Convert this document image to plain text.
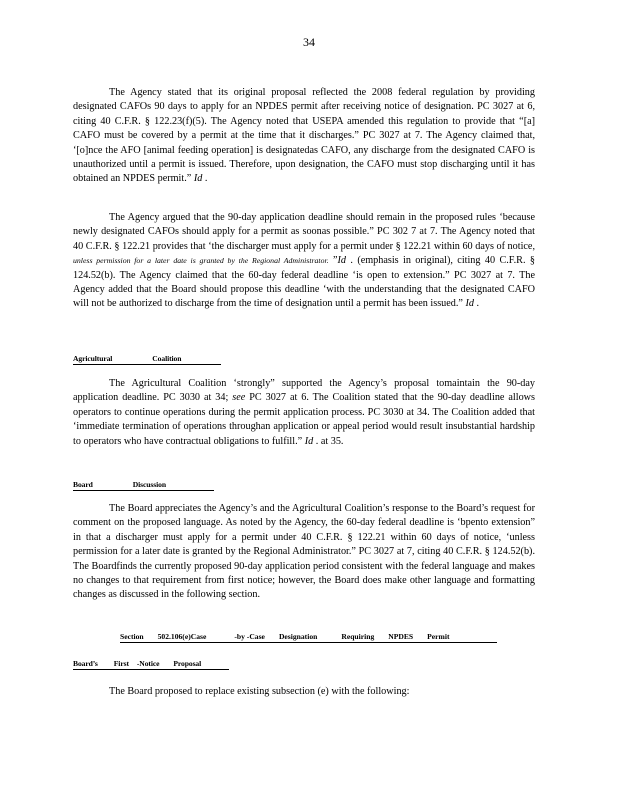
34

The Agency stated that its original proposal reflected the 2008 federal regulation by providing designated CAFOs 90 days to apply for an NPDES permit after receiving notice of designation. PC 3027 at 6, citing 40 C.F.R. § 122.23(f)(5). The Agency noted that USEPA amended this regulation to provide that “[a] CAFO must be covered by a permit at the time that it discharges.” PC 3027 at 7. The Agency claimed that, ‘[o]nce the AFO [animal feeding operation] is designatedas CAFO, any discharge from the designated CAFO is unauthorized until a permit is issued. Therefore, upon designation, the CAFO must stop discharging until it has obtained an NPDES permit.” Id .

The Agency argued that the 90-day application deadline should remain in the proposed rules ‘because newly designated CAFOs should apply for a permit as soonas possible.” PC 302 7 at 7. The Agency noted that 40 C.F.R. § 122.21 provides that ‘the discharger must apply for a permit under § 122.21 within 60 days of notice, unless permission for a later date is granted by the Regional Administrator. ”Id . (emphasis in original), citing 40 C.F.R. § 124.52(b). The Agency claimed that the 60-day federal deadline ‘is open to extension.” PC 3027 at 7. The Agency added that the Board should propose this deadline ‘with the understanding that the designated CAFO will not be authorized to discharge from the time of designation until a permit has been issued.” Id .

Agricultural	Coalition

The Agricultural Coalition ‘strongly” supported the Agency’s proposal tomaintain the 90-day application deadline. PC 3030 at 34; see PC 3027 at 6. The Coalition stated that the 90-day deadline allows operators to continue operations during the permit application process. PC 3030 at 34. The Coalition added that ‘immediate termination of operations throughan application or appeal period would result insubstantial hardship to operators who have contractual obligations to fulfill.” Id . at 35.

Board	Discussion

The Board appreciates the Agency’s and the Agricultural Coalition’s response to the Board’s request for comment on the proposed language. As noted by the Agency, the 60-day federal deadline is ‘bpento extension” in that a discharger must apply for a permit under 40 C.F.R. § 122.21 within 60 days of notice, ‘unless permission for a later date is granted by the Regional Administrator.” PC 3027 at 7, citing 40 C.F.R. § 124.52(b). The Boardfinds the currently proposed 90-day application period consistent with the federal language and makes no changes to that requirement from first notice; however, the Board does make other language and formatting changes as discussed in the following section.

Section 502.106(e)Case	-by -Case Designation	Requiring NPDES Permit
Board’s First -Notice Proposal

The Board proposed to replace existing subsection (e) with the following:
